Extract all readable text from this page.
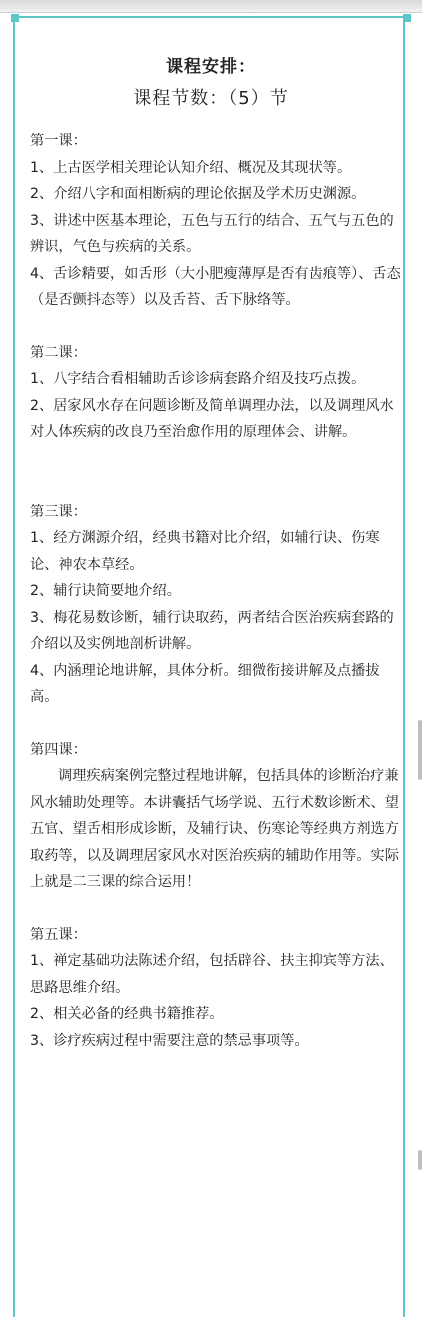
课程安排：
课程节数：（5）节

第一课：

1、上古医学相关理论认知介绍、概况及其现状等。

2、介绍八字和面相断病的理论依据及学术历史渊源。

3、讲述中医基本理论，五色与五行的结合、五气与五色的辨识，气色与疾病的关系。

4、舌诊精要，如舌形（大小肥瘦薄厚是否有齿痕等）、舌态（是否颤抖态等）以及舌苔、舌下脉络等。

第二课：

1、八字结合看相辅助舌诊诊病套路介绍及技巧点拨。

2、居家风水存在问题诊断及简单调理办法，以及调理风水对人体疾病的改良乃至治愈作用的原理体会、讲解。

第三课：

1、经方渊源介绍，经典书籍对比介绍，如辅行诀、伤寒论、神农本草经。

2、辅行诀简要地介绍。

3、梅花易数诊断，辅行诀取药，两者结合医治疾病套路的介绍以及实例地剖析讲解。

4、内涵理论地讲解，具体分析。细微衔接讲解及点播拔高。

第四课：

调理疾病案例完整过程地讲解，包括具体的诊断治疗兼风水辅助处理等。本讲囊括气场学说、五行术数诊断术、望五官、望舌相形成诊断，及辅行诀、伤寒论等经典方剂选方取药等，以及调理居家风水对医治疾病的辅助作用等。实际上就是二三课的综合运用！

第五课：

1、禅定基础功法陈述介绍，包括辟谷、扶主抑宾等方法、思路思维介绍。

2、相关必备的经典书籍推荐。

3、诊疗疾病过程中需要注意的禁忌事项等。
